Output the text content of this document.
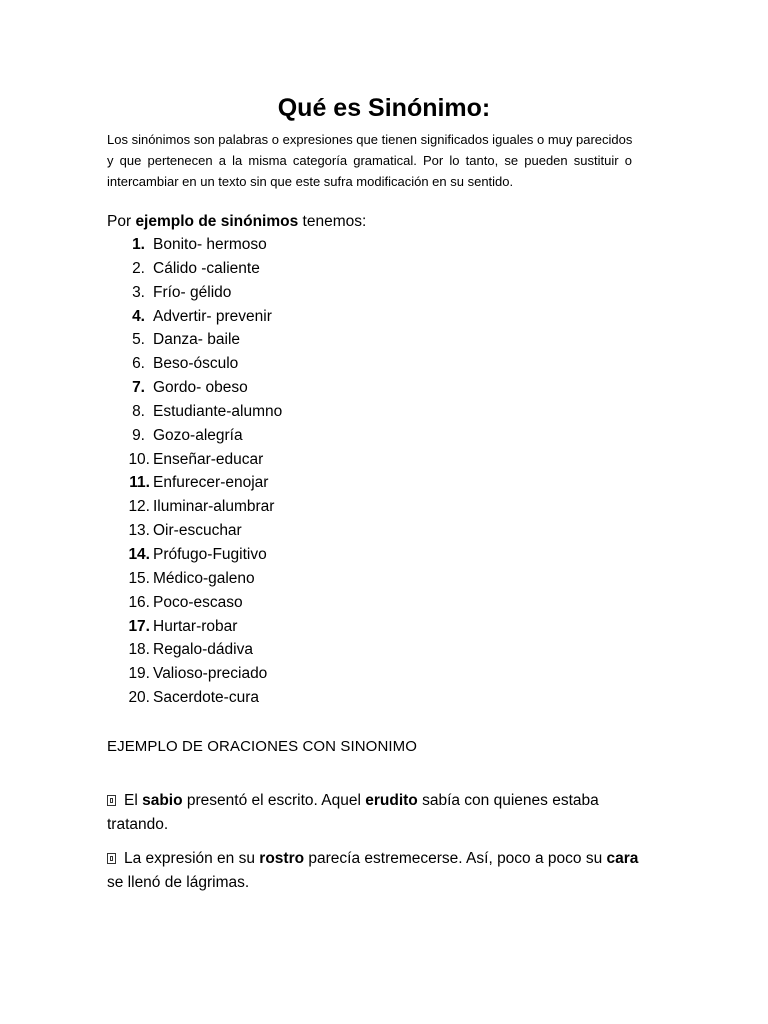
Qué es Sinónimo:
Los sinónimos son palabras o expresiones que tienen significados iguales o muy parecidos
y que pertenecen a la misma categoría gramatical. Por lo tanto, se pueden sustituir o
intercambiar en un texto sin que este sufra modificación en su sentido.
Por ejemplo de sinónimos tenemos:
1. Bonito- hermoso
2. Cálido -caliente
3. Frío- gélido
4. Advertir- prevenir
5. Danza- baile
6. Beso-ósculo
7. Gordo- obeso
8. Estudiante-alumno
9. Gozo-alegría
10. Enseñar-educar
11. Enfurecer-enojar
12. Iluminar-alumbrar
13. Oir-escuchar
14. Prófugo-Fugitivo
15. Médico-galeno
16. Poco-escaso
17. Hurtar-robar
18. Regalo-dádiva
19. Valioso-preciado
20. Sacerdote-cura
EJEMPLO DE ORACIONES CON SINONIMO
El sabio presentó el escrito. Aquel erudito sabía con quienes estaba tratando.
La expresión en su rostro parecía estremecerse. Así, poco a poco su cara se llenó de lágrimas.
